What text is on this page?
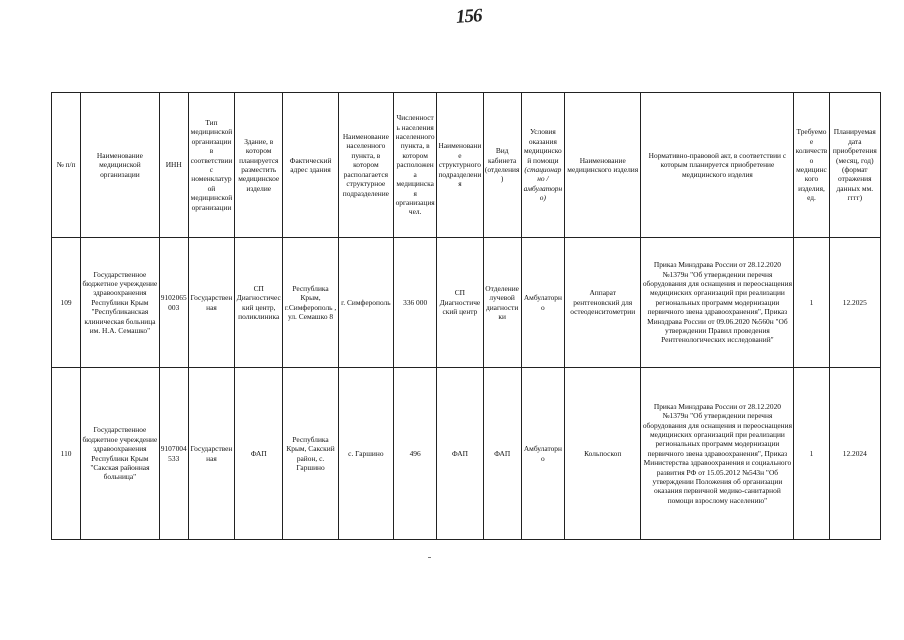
156
№ п/п	Наименование медицинской организации	ИНН	Тип медицинской организации в соответствии с номенклатурой медицинской организации	Здание, в котором планируется разместить медицинское изделие	Фактический адрес здания	Наименование населенного пункта, в котором располагается структурное подразделение	Численность населения населенного пункта, в котором расположена медицинская организация чел.	Наименование структурного подразделения	Вид кабинета (отделения)	Условия оказания медицинской помощи (стационарно / амбулаторно)	Наименование медицинского изделия	Нормативно-правовой акт, в соответствии с которым планируется приобретение медицинского изделия	Требуемое количество медицинского изделия, ед.	Планируемая дата приобретения (месяц, год) (формат отражения данных мм. гггг)
109	Государственное бюджетное учреждение здравоохранения Республики Крым "Республиканская клиническая больница им. Н.А. Семашко"	9102065003	Государственная	СП Диагностический центр, поликлиника	Республика Крым, г.Симферополь , ул. Семашко 8	г. Симферополь	336 000	СП Диагностический центр	Отделение лучевой диагностики	Амбулаторно	Аппарат рентгеновский для остеоденситометрии	Приказ Минздрава России от 28.12.2020 №1379н "Об утверждении перечня оборудования для оснащения и переоснащения медицинских организаций при реализации региональных программ модернизации первичного звена здравоохранения", Приказ Минздрава России от 09.06.2020 №560н "Об утверждении Правил проведения Рентгенологических исследований"	1	12.2025
110	Государственное бюджетное учреждение здравоохранения Республики Крым "Сакская районная больница"	9107004533	Государственная	ФАП	Республика Крым, Сакский район, с. Гаршино	с. Гаршино	496	ФАП	ФАП	Амбулаторно	Кольпоскоп	Приказ Минздрава России от 28.12.2020 №1379н "Об утверждении перечня оборудования для оснащения и переоснащения медицинских организаций при реализации региональных программ модернизации первичного звена здравоохранения", Приказ Министерства здравоохранения и социального развития РФ от 15.05.2012 №543н "Об утверждении Положения об организации оказания первичной медико-санитарной помощи взрослому населению"	1	12.2024
